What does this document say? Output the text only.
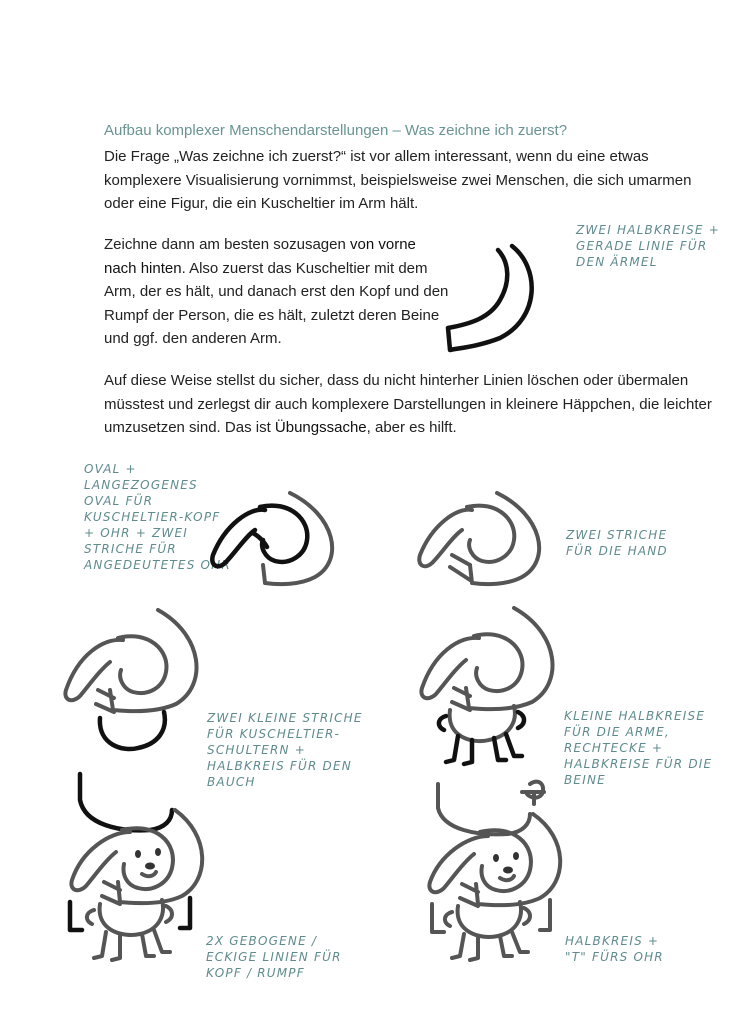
Aufbau komplexer Menschendarstellungen – Was zeichne ich zuerst?
Die Frage „Was zeichne ich zuerst?“ ist vor allem interessant, wenn du eine etwas komplexere Visualisierung vornimmst, beispielsweise zwei Menschen, die sich umarmen oder eine Figur, die ein Kuscheltier im Arm hält.
Zeichne dann am besten sozusagen von vorne nach hinten. Also zuerst das Kuscheltier mit dem Arm, der es hält, und danach erst den Kopf und den Rumpf der Person, die es hält, zuletzt deren Beine und ggf. den anderen Arm.
Auf diese Weise stellst du sicher, dass du nicht hinterher Linien löschen oder übermalen müsstest und zerlegst dir auch komplexere Darstellungen in kleinere Häppchen, die leichter umzusetzen sind. Das ist Übungssache, aber es hilft.
ZWEI HALBKREISE + GERADE LINIE FÜR DEN ÄRMEL
OVAL + LANGEZOGENES OVAL FÜR KUSCHELTIER-KOPF + OHR + ZWEI STRICHE FÜR ANGEDEUTETES OHR
ZWEI STRICHE FÜR DIE HAND
ZWEI KLEINE STRICHE FÜR KUSCHELTIER-SCHULTERN + HALBKREIS FÜR DEN BAUCH
KLEINE HALBKREISE FÜR DIE ARME, RECHTECKE + HALBKREISE FÜR DIE BEINE
2X GEBOGENE / ECKIGE LINIEN FÜR KOPF / RUMPF
HALBKREIS + "T" FÜRS OHR
